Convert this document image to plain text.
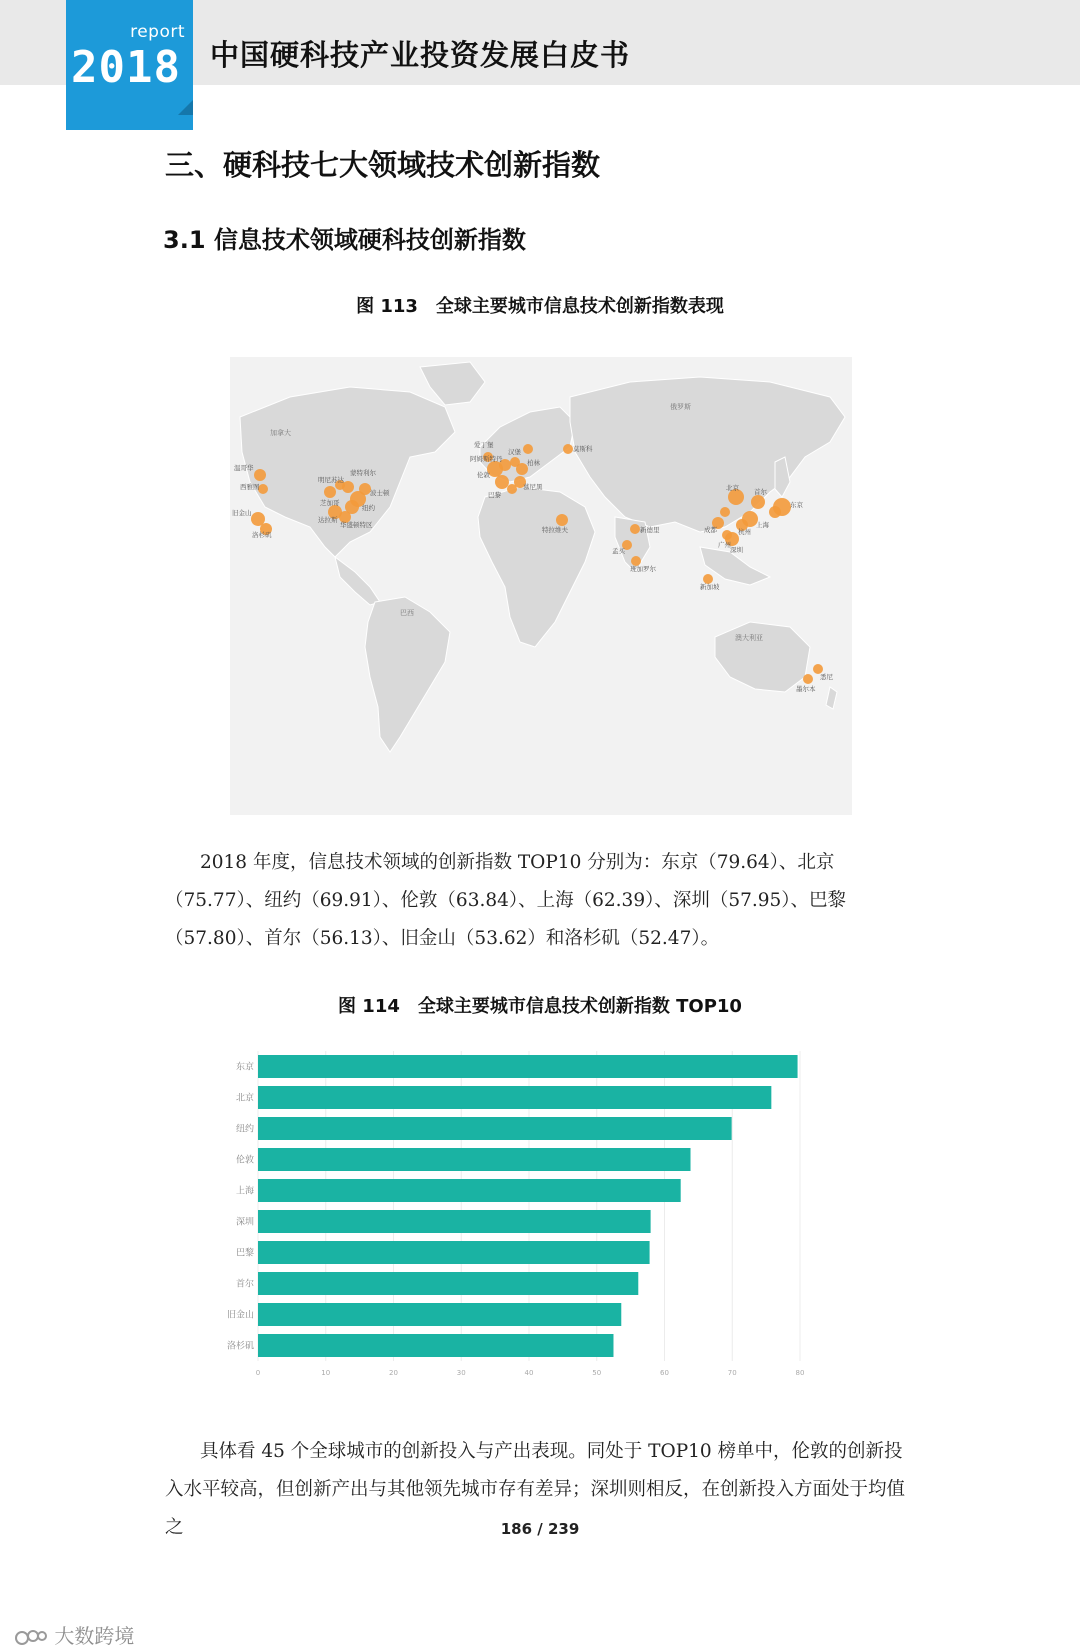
report
2018 中国硬科技产业投资发展白皮书
三、硬科技七大领域技术创新指数
3.1 信息技术领域硬科技创新指数
图 113　全球主要城市信息技术创新指数表现
加拿大
俄罗斯
澳大利亚
巴西
温哥华
西雅图
旧金山
洛杉矶
明尼苏达
蒙特利尔
波士顿
纽约
芝加哥
达拉斯
华盛顿特区
爱丁堡
阿姆斯特丹
伦敦
巴黎
柏林
汉堡
慕尼黑
莫斯科
特拉维夫	新德里
孟买
班加罗尔
新加坡
北京 首尔
东京
上海
杭州
成都
广州
深圳
悉尼
墨尔本
2018 年度，信息技术领域的创新指数 TOP10 分别为：东京（79.64）、北京（75.77）、纽约（69.91）、伦敦（63.84）、上海（62.39）、深圳（57.95）、巴黎（57.80）、首尔（56.13）、旧金山（53.62）和洛杉矶（52.47）。
图 114　全球主要城市信息技术创新指数 TOP10
0	10	20	30	40	50	60	70	80
东京
北京
纽约
伦敦
上海
深圳
巴黎
首尔
旧金山
洛杉矶
具体看 45 个全球城市的创新投入与产出表现。同处于 TOP10 榜单中，伦敦的创新投入水平较高，但创新产出与其他领先城市存有差异；深圳则相反，在创新投入方面处于均值之	186 / 239
大数跨境
